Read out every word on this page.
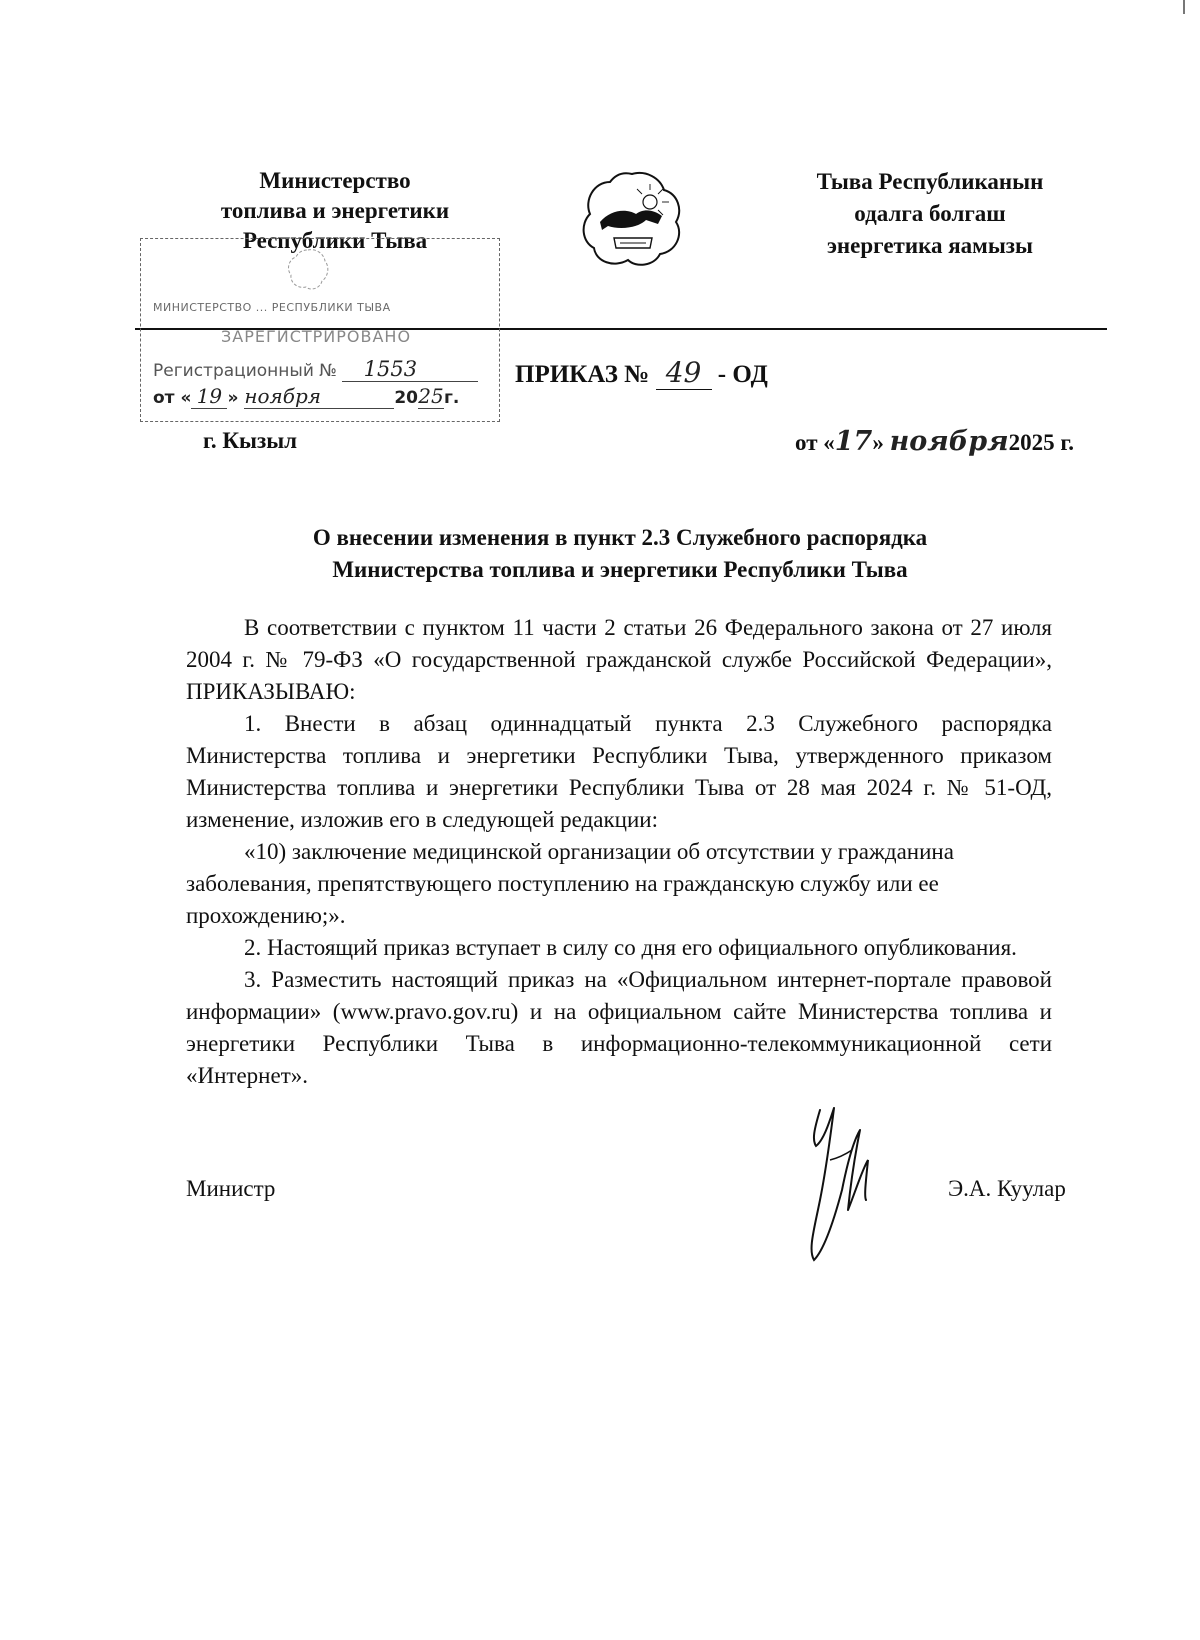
Министерство
топлива и энергетики
Республики Тыва
Тыва Республиканын
одалга болгаш
энергетика яамызы
МИНИСТЕРСТВО ... РЕСПУБЛИКИ ТЫВА
ЗАРЕГИСТРИРОВАНО
Регистрационный № 1553
от « 19 » ноября	2025г.
ПРИКАЗ № 49 - ОД
г. Кызыл	от «17» ноября2025 г.
О внесении изменения в пункт 2.3 Служебного распорядка
Министерства топлива и энергетики Республики Тыва

В соответствии с пунктом 11 части 2 статьи 26 Федерального закона от 27 июля 2004 г. № 79-ФЗ «О государственной гражданской службе Российской Федерации», ПРИКАЗЫВАЮ:

1. Внести в абзац одиннадцатый пункта 2.3 Служебного распорядка Министерства топлива и энергетики Республики Тыва, утвержденного приказом Министерства топлива и энергетики Республики Тыва от 28 мая 2024 г. № 51-ОД, изменение, изложив его в следующей редакции:

«10) заключение медицинской организации об отсутствии у гражданина заболевания, препятствующего поступлению на гражданскую службу или ее прохождению;».

2. Настоящий приказ вступает в силу со дня его официального опубликования.

3. Разместить настоящий приказ на «Официальном интернет-портале правовой информации» (www.pravo.gov.ru) и на официальном сайте Министерства топлива и энергетики Республики Тыва в информационно-телекоммуникационной сети «Интернет».

Министр	Э.А. Куулар
